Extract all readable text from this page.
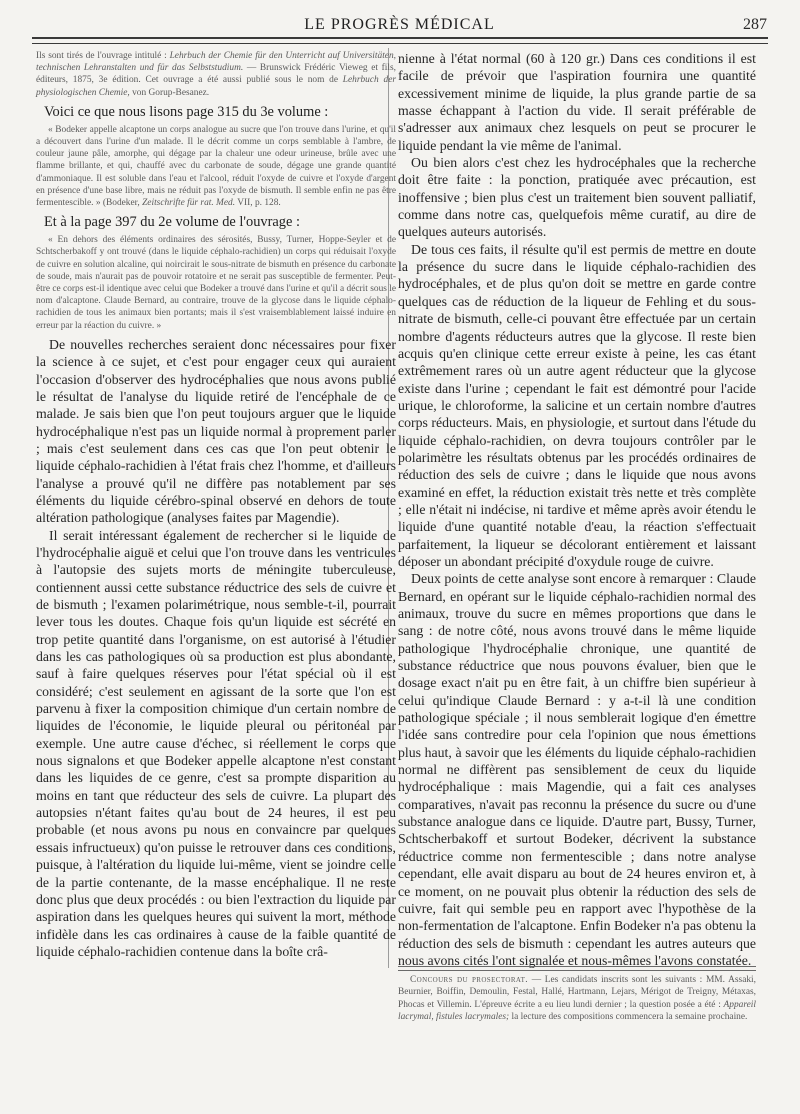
LE PROGRÈS MÉDICAL	287

Ils sont tirés de l'ouvrage intitulé : Lehrbuch der Chemie für den Unterricht auf Universitäten, technischen Lehranstalten und für das Selbststudium. — Brunswick Frédéric Vieweg et fils, éditeurs, 1875, 3e édition. Cet ouvrage a été aussi publié sous le nom de Lehrbuch der physiologischen Chemie, von Gorup-Besanez.

Voici ce que nous lisons page 315 du 3e volume :

« Bodeker appelle alcaptone un corps analogue au sucre que l'on trouve dans l'urine, et qu'il a découvert dans l'urine d'un malade. Il le décrit comme un corps semblable à l'ambre, de couleur jaune pâle, amorphe, qui dégage par la chaleur une odeur urineuse, brûle avec une flamme brillante, et qui, chauffé avec du carbonate de soude, dégage une grande quantité d'ammoniaque. Il est soluble dans l'eau et l'alcool, réduit l'oxyde de cuivre et l'oxyde d'argent en présence d'une base libre, mais ne réduit pas l'oxyde de bismuth. Il semble enfin ne pas être fermentescible. » (Bodeker, Zeitschrifte für rat. Med. VII, p. 128.

Et à la page 397 du 2e volume de l'ouvrage :

« En dehors des éléments ordinaires des sérosités, Bussy, Turner, Hoppe-Seyler et de Schtscherbakoff y ont trouvé (dans le liquide céphalo-rachidien) un corps qui réduisait l'oxyde de cuivre en solution alcaline, qui noircirait le sous-nitrate de bismuth en présence du carbonate de soude, mais n'aurait pas de pouvoir rotatoire et ne serait pas susceptible de fermenter. Peut-être ce corps est-il identique avec celui que Bodeker a trouvé dans l'urine et qu'il a décrit sous le nom d'alcaptone. Claude Bernard, au contraire, trouve de la glycose dans le liquide céphalo-rachidien de tous les animaux bien portants; mais il s'est vraisemblablement laissé induire en erreur par la réaction du cuivre. »

De nouvelles recherches seraient donc nécessaires pour fixer la science à ce sujet, et c'est pour engager ceux qui auraient l'occasion d'observer des hydrocéphalies que nous avons publié le résultat de l'analyse du liquide retiré de l'encéphale de ce malade. Je sais bien que l'on peut toujours arguer que le liquide hydrocéphalique n'est pas un liquide normal à proprement parler ; mais c'est seulement dans ces cas que l'on peut obtenir le liquide céphalo-rachidien à l'état frais chez l'homme, et d'ailleurs l'analyse a prouvé qu'il ne diffère pas notablement par ses éléments du liquide cérébro-spinal observé en dehors de toute altération pathologique (analyses faites par Magendie).

Il serait intéressant également de rechercher si le liquide de l'hydrocéphalie aiguë et celui que l'on trouve dans les ventricules à l'autopsie des sujets morts de méningite tuberculeuse, contiennent aussi cette substance réductrice des sels de cuivre et de bismuth ; l'examen polarimétrique, nous semble-t-il, pourrait lever tous les doutes. Chaque fois qu'un liquide est sécrété en trop petite quantité dans l'organisme, on est autorisé à l'étudier dans les cas pathologiques où sa production est plus abondante, sauf à faire quelques réserves pour l'état spécial où il est considéré; c'est seulement en agissant de la sorte que l'on est parvenu à fixer la composition chimique d'un certain nombre de liquides de l'économie, le liquide pleural ou péritonéal par exemple. Une autre cause d'échec, si réellement le corps que nous signalons et que Bodeker appelle alcaptone n'est constant dans les liquides de ce genre, c'est sa prompte disparition au moins en tant que réducteur des sels de cuivre. La plupart des autopsies n'étant faites qu'au bout de 24 heures, il est peu probable (et nous avons pu nous en convaincre par quelques essais infructueux) qu'on puisse le retrouver dans ces conditions, puisque, à l'altération du liquide lui-même, vient se joindre celle de la partie contenante, de la masse encéphalique. Il ne reste donc plus que deux procédés : ou bien l'extraction du liquide par aspiration dans les quelques heures qui suivent la mort, méthode infidèle dans les cas ordinaires à cause de la faible quantité de liquide céphalo-rachidien contenue dans la boîte crâ-

nienne à l'état normal (60 à 120 gr.) Dans ces conditions il est facile de prévoir que l'aspiration fournira une quantité excessivement minime de liquide, la plus grande partie de sa masse échappant à l'action du vide. Il serait préférable de s'adresser aux animaux chez lesquels on peut se procurer le liquide pendant la vie même de l'animal.

Ou bien alors c'est chez les hydrocéphales que la recherche doit être faite : la ponction, pratiquée avec précaution, est inoffensive ; bien plus c'est un traitement bien souvent palliatif, comme dans notre cas, quelquefois même curatif, au dire de quelques auteurs autorisés.

De tous ces faits, il résulte qu'il est permis de mettre en doute la présence du sucre dans le liquide céphalo-rachidien des hydrocéphales, et de plus qu'on doit se mettre en garde contre quelques cas de réduction de la liqueur de Fehling et du sous-nitrate de bismuth, celle-ci pouvant être effectuée par un certain nombre d'agents réducteurs autres que la glycose. Il reste bien acquis qu'en clinique cette erreur existe à peine, les cas étant extrêmement rares où un autre agent réducteur que la glycose existe dans l'urine ; cependant le fait est démontré pour l'acide urique, le chloroforme, la salicine et un certain nombre d'autres corps réducteurs. Mais, en physiologie, et surtout dans l'étude du liquide céphalo-rachidien, on devra toujours contrôler par le polarimètre les résultats obtenus par les procédés ordinaires de réduction des sels de cuivre ; dans le liquide que nous avons examiné en effet, la réduction existait très nette et très complète ; elle n'était ni indécise, ni tardive et même après avoir étendu le liquide d'une quantité notable d'eau, la réaction s'effectuait parfaitement, la liqueur se décolorant entièrement et laissant déposer un abondant précipité d'oxydule rouge de cuivre.

Deux points de cette analyse sont encore à remarquer : Claude Bernard, en opérant sur le liquide céphalo-rachidien normal des animaux, trouve du sucre en mêmes proportions que dans le sang : de notre côté, nous avons trouvé dans le même liquide pathologique l'hydrocéphalie chronique, une quantité de substance réductrice que nous pouvons évaluer, bien que le dosage exact n'ait pu en être fait, à un chiffre bien supérieur à celui qu'indique Claude Bernard : y a-t-il là une condition pathologique spéciale ; il nous semblerait logique d'en émettre l'idée sans contredire pour cela l'opinion que nous émettions plus haut, à savoir que les éléments du liquide céphalo-rachidien normal ne diffèrent pas sensiblement de ceux du liquide hydrocéphalique : mais Magendie, qui a fait ces analyses comparatives, n'avait pas reconnu la présence du sucre ou d'une substance analogue dans ce liquide. D'autre part, Bussy, Turner, Schtscherbakoff et surtout Bodeker, décrivent la substance réductrice comme non fermentescible ; dans notre analyse cependant, elle avait disparu au bout de 24 heures environ et, à ce moment, on ne pouvait plus obtenir la réduction des sels de cuivre, fait qui semble peu en rapport avec l'hypothèse de la non-fermentation de l'alcaptone. Enfin Bodeker n'a pas obtenu la réduction des sels de bismuth : cependant les autres auteurs que nous avons cités l'ont signalée et nous-mêmes l'avons constatée.

Concours du prosectorat. — Les candidats inscrits sont les suivants : MM. Assaki, Beurnier, Boiffin, Demoulin, Festal, Hallé, Hartmann, Lejars, Mérigot de Treigny, Métaxas, Phocas et Villemin. L'épreuve écrite a eu lieu lundi dernier ; la question posée a été : Appareil lacrymal, fistules lacrymales; la lecture des compositions commencera la semaine prochaine.
